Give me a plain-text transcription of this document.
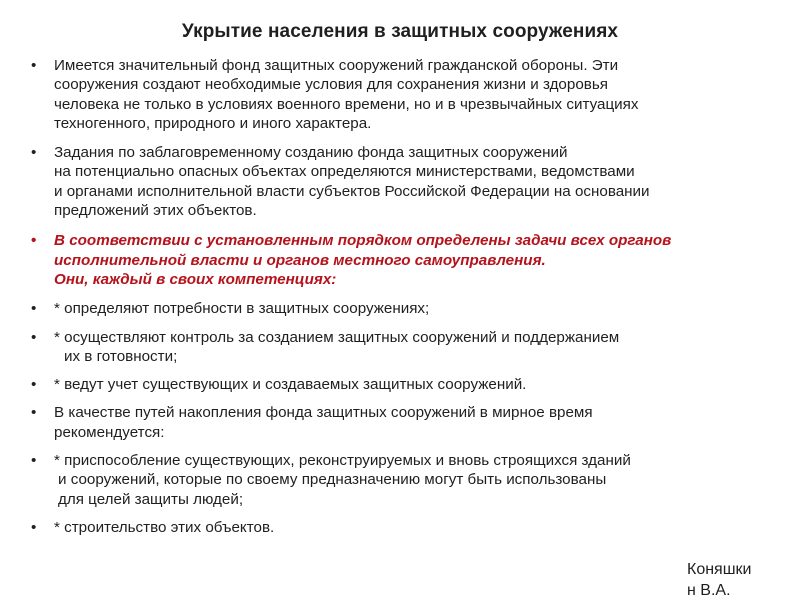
Укрытие населения в защитных сооружениях
•	Имеется значительный фонд защитных сооружений гражданской обороны. Эти
сооружения создают необходимые условия для сохранения жизни и здоровья
человека не только в условиях военного времени, но и в чрезвычайных ситуациях
техногенного, природного и иного характера.
•	Задания по заблаговременному созданию фонда защитных сооружений
на потенциально опасных объектах определяются министерствами, ведомствами
и органами исполнительной власти субъектов Российской Федерации на основании
предложений этих объектов.
•	В соответствии с установленным порядком определены задачи всех органов
исполнительной власти и органов местного самоуправления.
Они, каждый в своих компетенциях:
•	* определяют потребности в защитных сооружениях;
•	* осуществляют контроль за созданием защитных сооружений и поддержанием
их в готовности;
•	* ведут учет существующих и создаваемых защитных сооружений.
•	В качестве путей накопления фонда защитных сооружений в мирное время
рекомендуется:
•	* приспособление существующих, реконструируемых и вновь строящихся зданий
и сооружений, которые по своему предназначению могут быть использованы
для целей защиты людей;
•	* строительство этих объектов.
Коняшки
н В.А.
